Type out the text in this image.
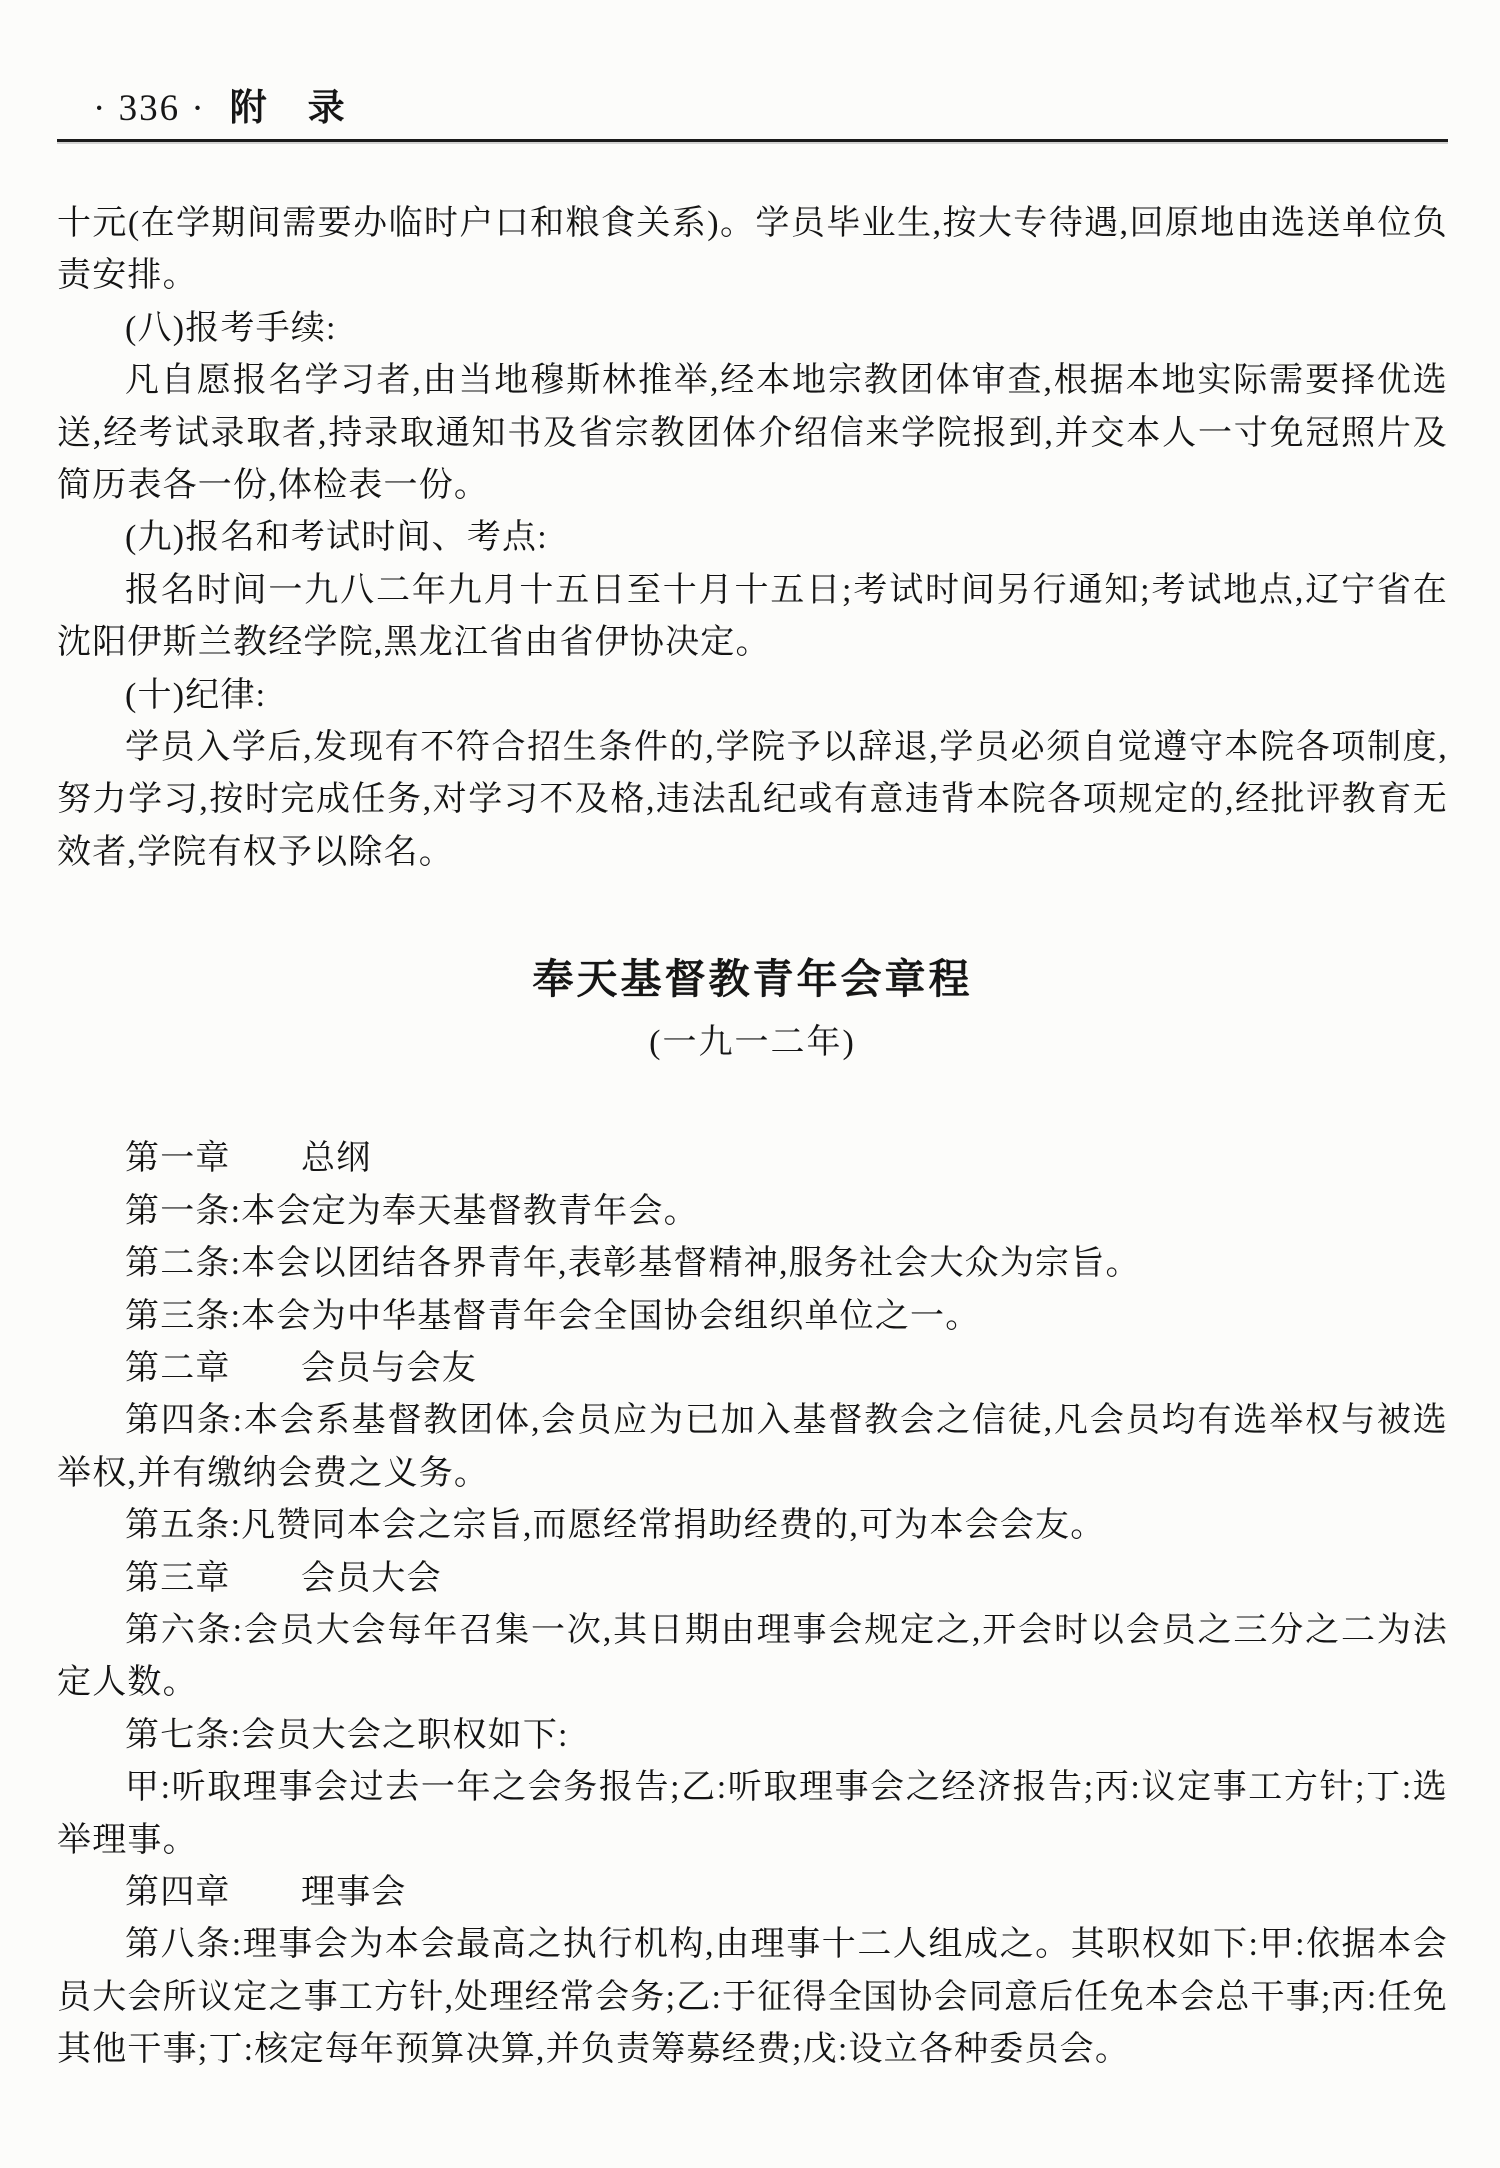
· 336 · 附　录

十元(在学期间需要办临时户口和粮食关系)。学员毕业生,按大专待遇,回原地由选送单位负责安排。

(八)报考手续:

凡自愿报名学习者,由当地穆斯林推举,经本地宗教团体审查,根据本地实际需要择优选送,经考试录取者,持录取通知书及省宗教团体介绍信来学院报到,并交本人一寸免冠照片及简历表各一份,体检表一份。

(九)报名和考试时间、考点:

报名时间一九八二年九月十五日至十月十五日;考试时间另行通知;考试地点,辽宁省在沈阳伊斯兰教经学院,黑龙江省由省伊协决定。

(十)纪律:

学员入学后,发现有不符合招生条件的,学院予以辞退,学员必须自觉遵守本院各项制度,努力学习,按时完成任务,对学习不及格,违法乱纪或有意违背本院各项规定的,经批评教育无效者,学院有权予以除名。

奉天基督教青年会章程

(一九一二年)

第一章　　总纲

第一条:本会定为奉天基督教青年会。

第二条:本会以团结各界青年,表彰基督精神,服务社会大众为宗旨。

第三条:本会为中华基督青年会全国协会组织单位之一。

第二章　　会员与会友

第四条:本会系基督教团体,会员应为已加入基督教会之信徒,凡会员均有选举权与被选举权,并有缴纳会费之义务。

第五条:凡赞同本会之宗旨,而愿经常捐助经费的,可为本会会友。

第三章　　会员大会

第六条:会员大会每年召集一次,其日期由理事会规定之,开会时以会员之三分之二为法定人数。

第七条:会员大会之职权如下:

甲:听取理事会过去一年之会务报告;乙:听取理事会之经济报告;丙:议定事工方针;丁:选举理事。

第四章　　理事会

第八条:理事会为本会最高之执行机构,由理事十二人组成之。其职权如下:甲:依据本会员大会所议定之事工方针,处理经常会务;乙:于征得全国协会同意后任免本会总干事;丙:任免其他干事;丁:核定每年预算决算,并负责筹募经费;戊:设立各种委员会。
